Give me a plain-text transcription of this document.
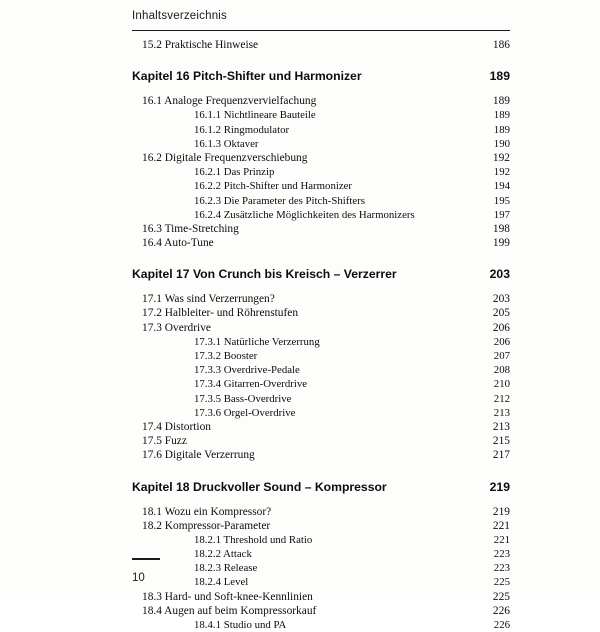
Inhaltsverzeichnis
15.2 Praktische Hinweise	186
Kapitel 16 Pitch-Shifter und Harmonizer	189
16.1 Analoge Frequenzvervielfachung	189
16.1.1 Nichtlineare Bauteile	189
16.1.2 Ringmodulator	189
16.1.3 Oktaver	190
16.2 Digitale Frequenzverschiebung	192
16.2.1 Das Prinzip	192
16.2.2 Pitch-Shifter und Harmonizer	194
16.2.3 Die Parameter des Pitch-Shifters	195
16.2.4 Zusätzliche Möglichkeiten des Harmonizers	197
16.3 Time-Stretching	198
16.4 Auto-Tune	199
Kapitel 17 Von Crunch bis Kreisch – Verzerrer	203
17.1 Was sind Verzerrungen?	203
17.2 Halbleiter- und Röhrenstufen	205
17.3 Overdrive	206
17.3.1 Natürliche Verzerrung	206
17.3.2 Booster	207
17.3.3 Overdrive-Pedale	208
17.3.4 Gitarren-Overdrive	210
17.3.5 Bass-Overdrive	212
17.3.6 Orgel-Overdrive	213
17.4 Distortion	213
17.5 Fuzz	215
17.6 Digitale Verzerrung	217
Kapitel 18 Druckvoller Sound – Kompressor	219
18.1 Wozu ein Kompressor?	219
18.2 Kompressor-Parameter	221
18.2.1 Threshold und Ratio	221
18.2.2 Attack	223
18.2.3 Release	223
18.2.4 Level	225
18.3 Hard- und Soft-knee-Kennlinien	225
18.4 Augen auf beim Kompressorkauf	226
18.4.1 Studio und PA	226
10
